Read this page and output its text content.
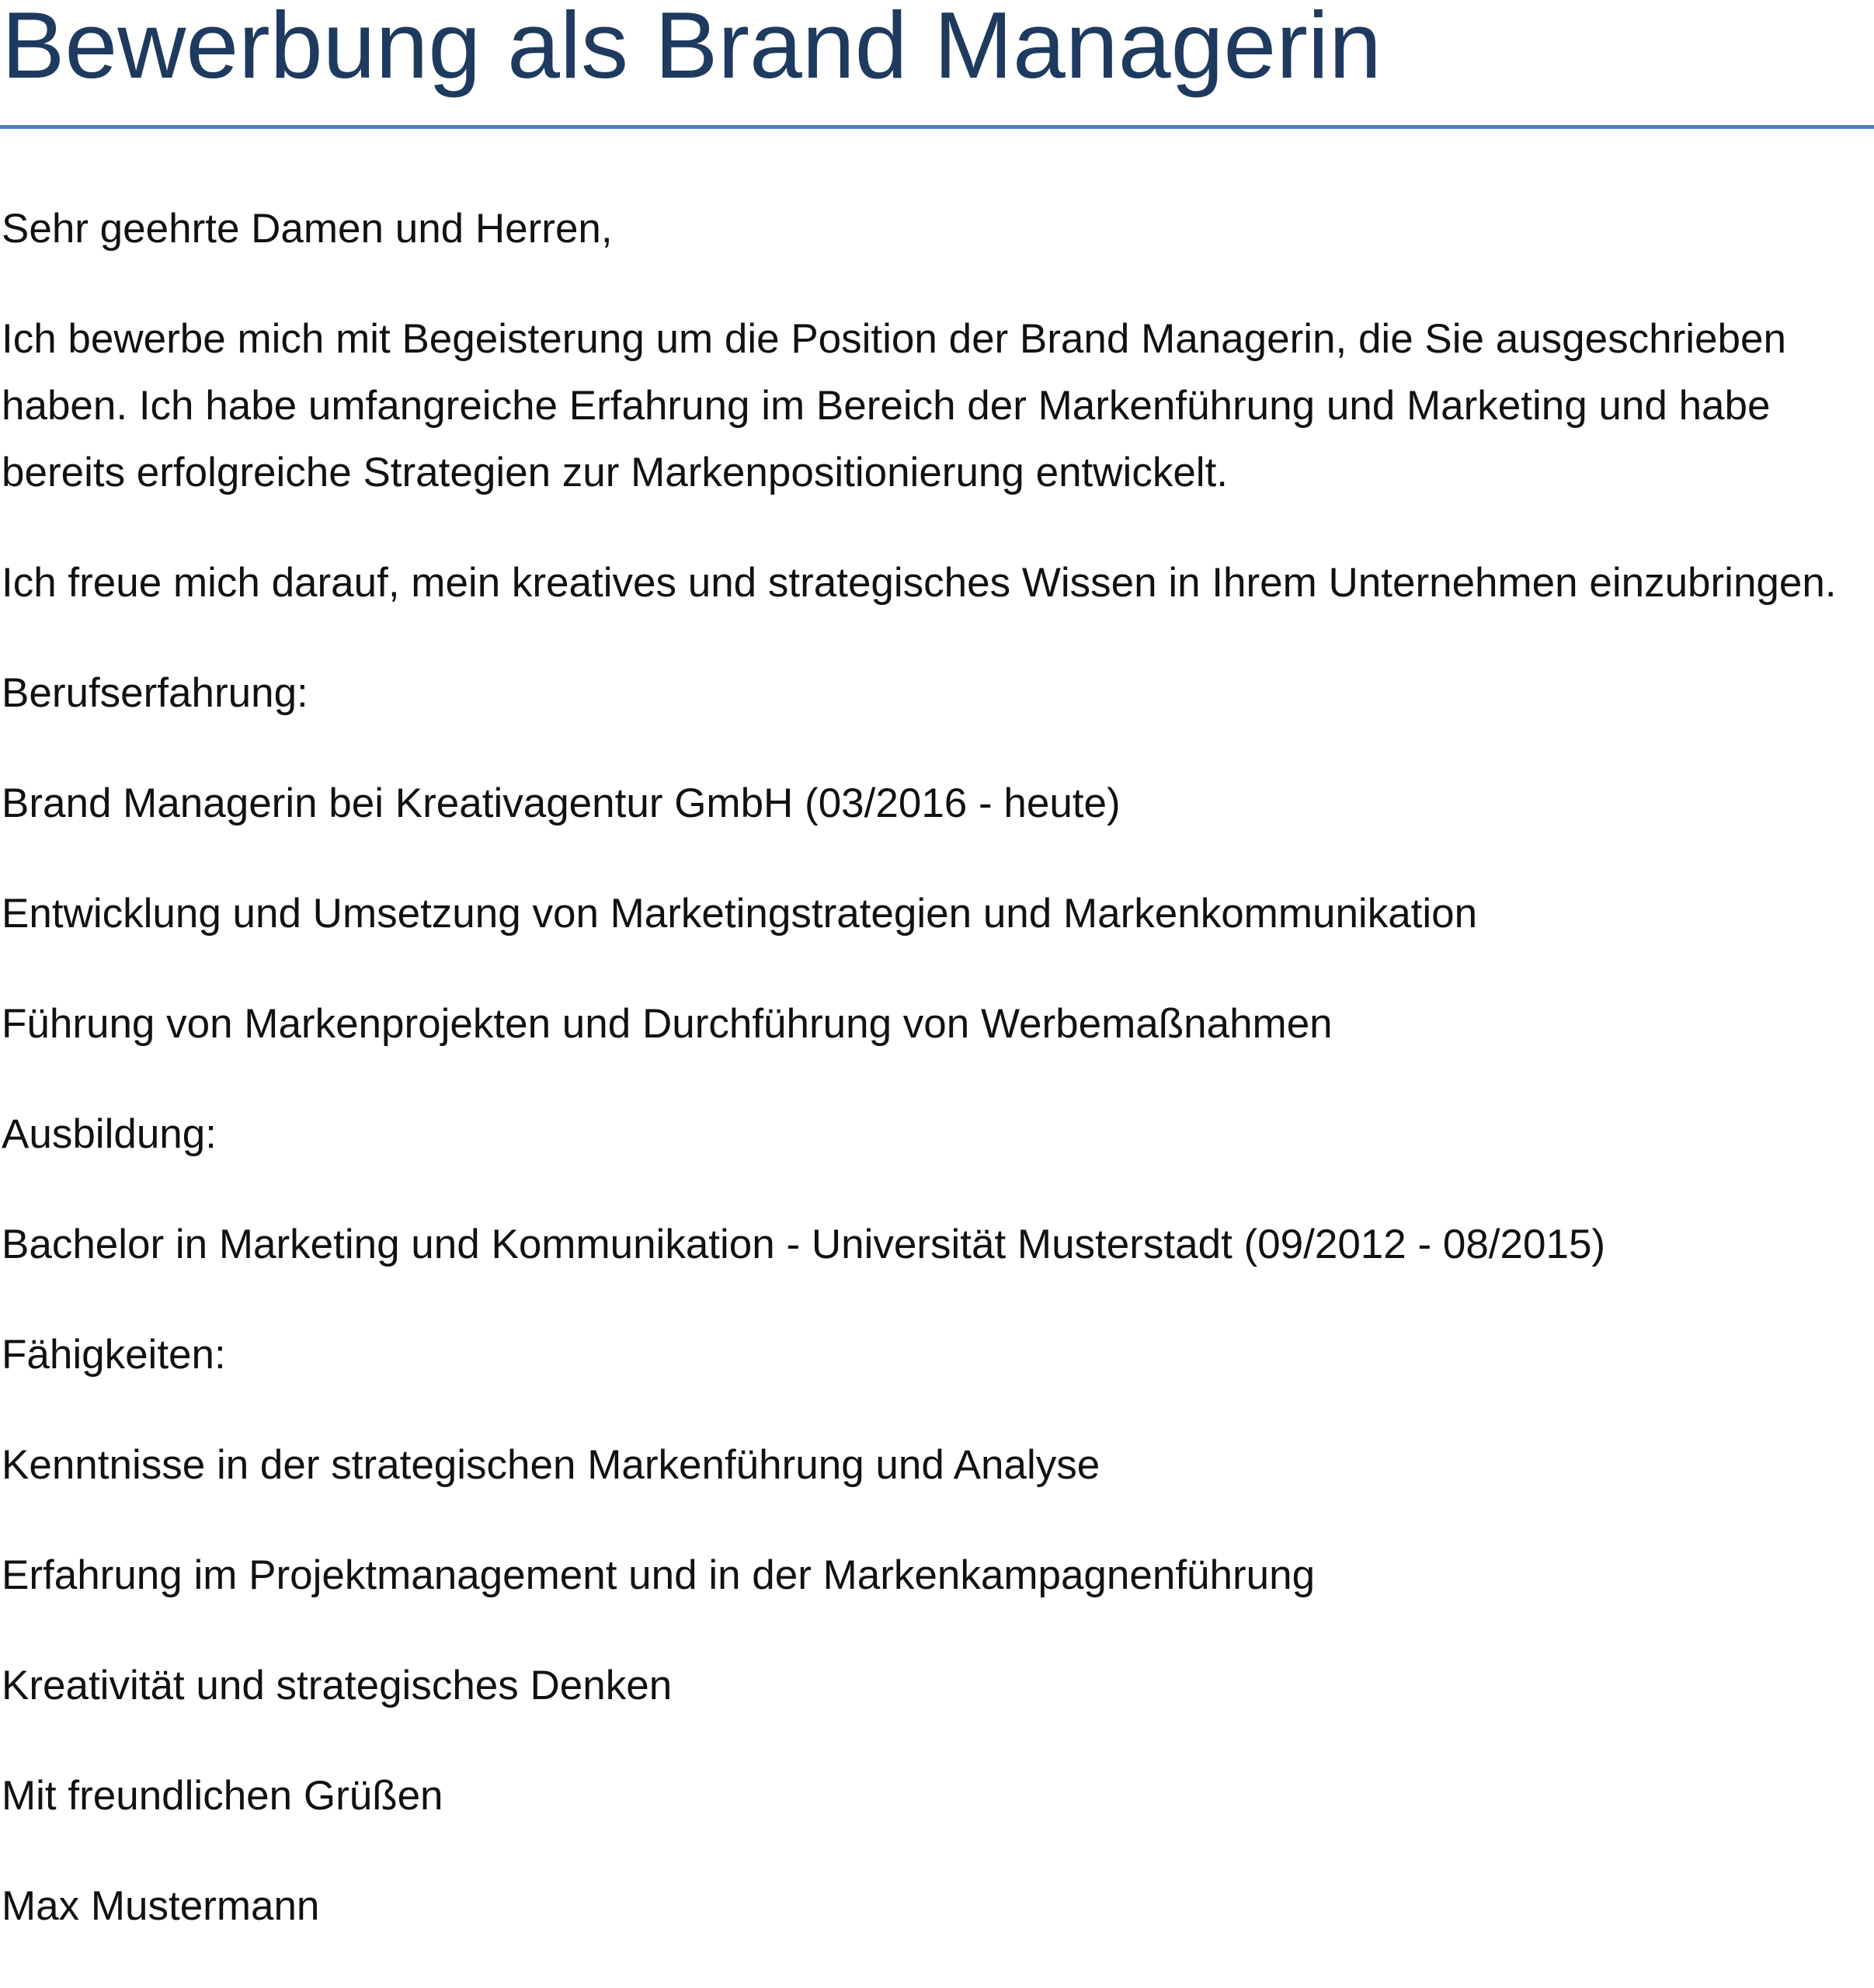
Bewerbung als Brand Managerin

Sehr geehrte Damen und Herren,

Ich bewerbe mich mit Begeisterung um die Position der Brand Managerin, die Sie ausgeschrieben haben. Ich habe umfangreiche Erfahrung im Bereich der Markenführung und Marketing und habe bereits erfolgreiche Strategien zur Markenpositionierung entwickelt.

Ich freue mich darauf, mein kreatives und strategisches Wissen in Ihrem Unternehmen einzubringen.

Berufserfahrung:

Brand Managerin bei Kreativagentur GmbH (03/2016 - heute)

Entwicklung und Umsetzung von Marketingstrategien und Markenkommunikation

Führung von Markenprojekten und Durchführung von Werbemaßnahmen

Ausbildung:

Bachelor in Marketing und Kommunikation - Universität Musterstadt (09/2012 - 08/2015)

Fähigkeiten:

Kenntnisse in der strategischen Markenführung und Analyse

Erfahrung im Projektmanagement und in der Markenkampagnenführung

Kreativität und strategisches Denken

Mit freundlichen Grüßen

Max Mustermann
